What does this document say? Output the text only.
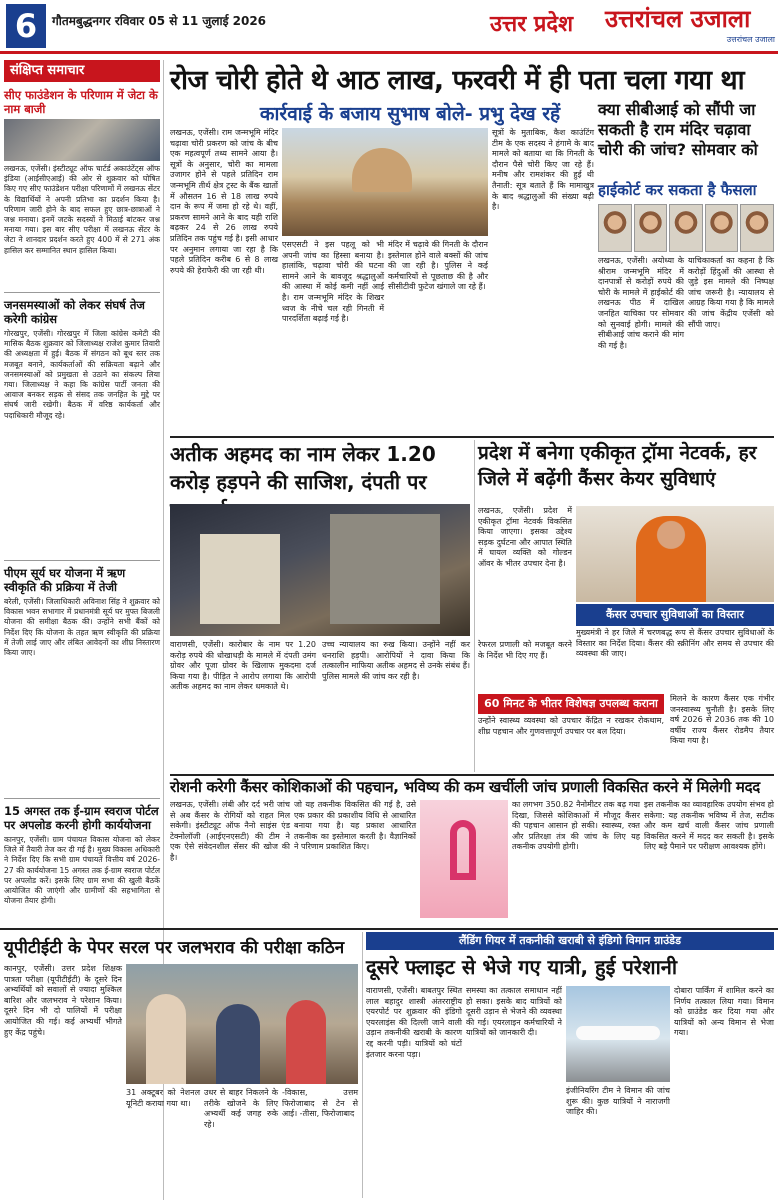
6	गौतमबुद्धनगर रविवार 05 से 11 जुलाई 2026	उत्तर प्रदेश	उत्तरांचल उजाला
उत्तरांचल उजाला
संक्षिप्त समाचार
सीए फाउंडेशन के परिणाम में जेटा के नाम बाजी

लखनऊ, एजेंसी। इंस्टीट्यूट ऑफ चार्टर्ड अकाउंटेंट्स ऑफ इंडिया (आईसीएआई) की ओर से शुक्रवार को घोषित किए गए सीए फाउंडेशन परीक्षा परिणामों में लखनऊ सेंटर के विद्यार्थियों ने अपनी प्रतिभा का प्रदर्शन किया है। परिणाम जारी होने के बाद सफल हुए छात्र-छात्राओं ने जश्न मनाया। इनमें जटके सदस्यों ने मिठाई बांटकर जश्न मनाया गया। इस बार सीए परीक्षा में लखनऊ सेंटर के जेटा ने शानदार प्रदर्शन करते हुए 400 में से 271 अंक हासिल कर सम्मानित स्थान हासिल किया।

जनसमस्याओं को लेकर संघर्ष तेज करेगी कांग्रेस

गोरखपुर, एजेंसी। गोरखपुर में जिला कांग्रेस कमेटी की मासिक बैठक शुक्रवार को जिलाध्यक्ष राजेश कुमार तिवारी की अध्यक्षता में हुई। बैठक में संगठन को बूथ स्तर तक मजबूत बनाने, कार्यकर्ताओं की सक्रियता बढ़ाने और जनसमस्याओं को प्रमुखता से उठाने का संकल्प लिया गया। जिलाध्यक्ष ने कहा कि कांग्रेस पार्टी जनता की आवाज बनकर सड़क से संसद तक जनहित के मुद्दे पर संघर्ष जारी रखेगी। बैठक में वरिष्ठ कार्यकर्ता और पदाधिकारी मौजूद रहे।

पीएम सूर्य घर योजना में ऋण स्वीकृति की प्रक्रिया में तेजी

बरेली, एजेंसी। जिलाधिकारी अविनाश सिंह ने शुक्रवार को विकास भवन सभागार में प्रधानमंत्री सूर्य घर मुफ्त बिजली योजना की समीक्षा बैठक की। उन्होंने सभी बैंकों को निर्देश दिए कि योजना के तहत ऋण स्वीकृति की प्रक्रिया में तेजी लाई जाए और लंबित आवेदनों का शीघ्र निस्तारण किया जाए।

15 अगस्त तक ई-ग्राम स्वराज पोर्टल पर अपलोड करनी होगी कार्ययोजना

कानपुर, एजेंसी। ग्राम पंचायत विकास योजना को लेकर जिले में तैयारी तेज कर दी गई है। मुख्य विकास अधिकारी ने निर्देश दिए कि सभी ग्राम पंचायतें वित्तीय वर्ष 2026-27 की कार्ययोजना 15 अगस्त तक ई-ग्राम स्वराज पोर्टल पर अपलोड करें। इसके लिए ग्राम सभा की खुली बैठकें आयोजित की जाएंगी और ग्रामीणों की सहभागिता से योजना तैयार होगी।

रोज चोरी होते थे आठ लाख, फरवरी में ही पता चला गया था
कार्रवाई के बजाय सुभाष बोले- प्रभु देख रहें
लखनऊ, एजेंसी। राम जन्मभूमि मंदिर चढ़ावा चोरी प्रकरण को जांच के बीच एक महत्वपूर्ण तथ्य सामने आया है। सूत्रों के अनुसार, चोरी का मामला उजागर होने से पहले प्रतिदिन राम जन्मभूमि तीर्थ क्षेत्र ट्रस्ट के बैंक खातों में औसतन 16 से 18 लाख रुपये दान के रूप में जमा हो रहे थे। वहीं, प्रकरण सामने आने के बाद यही राशि बढ़कर 24 से 26 लाख रुपये प्रतिदिन तक पहुंच गई है। इसी आधार पर अनुमान लगाया जा रहा है कि पहले प्रतिदिन करीब 6 से 8 लाख रुपये की हेराफेरी की जा रही थी।
एसएसटी ने इस पहलू को भी अपनी जांच का हिस्सा बनाया है। हालांकि, चढ़ावा चोरी की घटना सामने आने के बावजूद श्रद्धालुओं की आस्था में कोई कमी नहीं आई है। राम जन्मभूमि मंदिर के शिखर ध्वज के नीचे चल रही गिनती में पारदर्शिता बढ़ाई गई है।
मंदिर में चढ़ावे की गिनती के दौरान इस्तेमाल होने वाले बक्सों की जांच की जा रही है। पुलिस ने कई कर्मचारियों से पूछताछ की है और सीसीटीवी फुटेज खंगाले जा रहे हैं।
सूत्रों के मुताबिक, कैश काउंटिंग टीम के एक सदस्य ने हंगामे के बाद मामले को बताया था कि गिनती के दौरान पैसे चोरी किए जा रहे हैं। मनीष और रामशंकर की हुई थी तैनाती: सूत्र बताते हैं कि मामाखुत्र के बाद श्रद्धालुओं की संख्या बढ़ी है।
क्या सीबीआई को सौंपी जा सकती है राम मंदिर चढ़ावा चोरी की जांच? सोमवार को
हाईकोर्ट कर सकता है फैसला
लखनऊ, एजेंसी। अयोध्या के श्रीराम जन्मभूमि मंदिर में दानपात्रों से करोड़ों रुपये की चोरी के मामले में हाईकोर्ट की लखनऊ पीठ में दाखिल जनहित याचिका पर सोमवार को सुनवाई होगी। मामले की सीबीआई जांच कराने की मांग की गई है।
याचिकाकर्ता का कहना है कि करोड़ों हिंदुओं की आस्था से जुड़े इस मामले की निष्पक्ष जांच जरूरी है। न्यायालय से आग्रह किया गया है कि मामले की जांच केंद्रीय एजेंसी को सौंपी जाए।
अतीक अहमद का नाम लेकर 1.20 करोड़ हड़पने की साजिश, दंपती पर
वाराणसी, एजेंसी। कारोबार के नाम पर 1.20 करोड़ रुपये की धोखाधड़ी के मामले में दंपती उमंग ग्रोवर और पूजा ग्रोवर के खिलाफ मुकदमा दर्ज किया गया है। पीड़ित ने आरोप लगाया कि आरोपी अतीक अहमद का नाम लेकर धमकाते थे।
उच्च न्यायालय का रुख किया। उन्होंने नहीं कर धनराशि हड़पी। आरोपियों ने दावा किया कि तत्कालीन माफिया अतीक अहमद से उनके संबंध हैं। पुलिस मामले की जांच कर रही है।
प्रदेश में बनेगा एकीकृत ट्रॉमा नेटवर्क, हर जिले में बढ़ेंगी कैंसर केयर सुविधाएं
लखनऊ, एजेंसी। प्रदेश में एकीकृत ट्रॉमा नेटवर्क विकसित किया जाएगा। इसका उद्देश्य सड़क दुर्घटना और आपात स्थिति में घायल व्यक्ति को गोल्डन ऑवर के भीतर उपचार देना है।
कैंसर उपचार सुविधाओं का विस्तार
मुख्यमंत्री ने हर जिले में चरणबद्ध रूप से कैंसर उपचार सुविधाओं के विस्तार का निर्देश दिया। कैंसर की स्क्रीनिंग और समय से उपचार की व्यवस्था की जाए।
रेफरल प्रणाली को मजबूत करने के निर्देश भी दिए गए हैं।
60 मिनट के भीतर विशेषज्ञ उपलब्ध कराना
उन्होंने स्वास्थ्य व्यवस्था को उपचार केंद्रित न रखकर रोकथाम, शीघ्र पहचान और गुणवत्तापूर्ण उपचार पर बल दिया।
मिलने के कारण कैंसर एक गंभीर जनस्वास्थ्य चुनौती है। इसके लिए वर्ष 2026 से 2036 तक की 10 वर्षीय राज्य कैंसर रोडमैप तैयार किया गया है।
रोशनी करेगी कैंसर कोशिकाओं की पहचान, भविष्य की कम खर्चीली जांच प्रणाली विकसित करने में मिलेगी मदद
लखनऊ, एजेंसी। लंबी और दर्द भरी जांच से अब कैंसर के रोगियों को राहत मिल सकेगी। इंस्टीट्यूट ऑफ नैनो साइंस एंड टेक्नोलॉजी (आईएनएसटी) की टीम ने एक ऐसे संवेदनशील सेंसर की खोज की है।
जो यह तकनीक विकसित की गई है, उसे एक प्रकार की प्रकाशीय विधि से आधारित बनाया गया है। यह प्रकाश आधारित तकनीक का इस्तेमाल करती है। वैज्ञानिकों ने परिणाम प्रकाशित किए।
का लगभग 350.82 नैनोमीटर तक बढ़ गया दिखा, जिससे कोशिकाओं में मौजूद कैंसर की पहचान आसान हो सकी। स्वास्थ्य, रक्त और प्रतिरक्षा तंत्र की जांच के लिए यह तकनीक उपयोगी होगी।
इस तकनीक का व्यावहारिक उपयोग संभव हो सकेगा: यह तकनीक भविष्य में तेज, सटीक और कम खर्च वाली कैंसर जांच प्रणाली विकसित करने में मदद कर सकती है। इसके लिए बड़े पैमाने पर परीक्षण आवश्यक होंगे।
यूपीटीईटी के पेपर सरल पर जलभराव की परीक्षा कठिन
कानपुर, एजेंसी। उत्तर प्रदेश शिक्षक पात्रता परीक्षा (यूपीटीईटी) के दूसरे दिन अभ्यर्थियों को सवालों से ज्यादा मुश्किल बारिश और जलभराव ने परेशान किया। दूसरे दिन भी दो पालियों में परीक्षा आयोजित की गई। कई अभ्यर्थी भीगते हुए केंद्र पहुंचे।
31 अक्टूबर को नेशनल यूनिटी कराया गया था।
उधर से बाहर निकलने के तरीके खोजने के लिए अभ्यर्थी कई जगह रुके रहे।
-विकास, उत्तम फिरोजाबाद से टेन से आई। -तीसा, फिरोजाबाद
लैंडिंग गियर में तकनीकी खराबी से इंडिगो विमान ग्राउंडेड
दूसरे फ्लाइट से भेजे गए यात्री, हुई परेशानी
वाराणसी, एजेंसी। बाबतपुर स्थित लाल बहादुर शास्त्री अंतरराष्ट्रीय एयरपोर्ट पर शुक्रवार की इंडिगो एयरलाइंस की दिल्ली जाने वाली उड़ान तकनीकी खराबी के कारण रद्द करनी पड़ी। यात्रियों को घंटों इंतजार करना पड़ा।
समस्या का तत्काल समाधान नहीं हो सका। इसके बाद यात्रियों को दूसरी उड़ान से भेजने की व्यवस्था की गई। एयरलाइन कर्मचारियों ने यात्रियों को जानकारी दी।
इंजीनियरिंग टीम ने विमान की जांच शुरू की। कुछ यात्रियों ने नाराजगी जाहिर की।
दोबारा पार्किंग में शामिल करने का निर्णय तत्काल लिया गया। विमान को ग्राउंडेड कर दिया गया और यात्रियों को अन्य विमान से भेजा गया।
